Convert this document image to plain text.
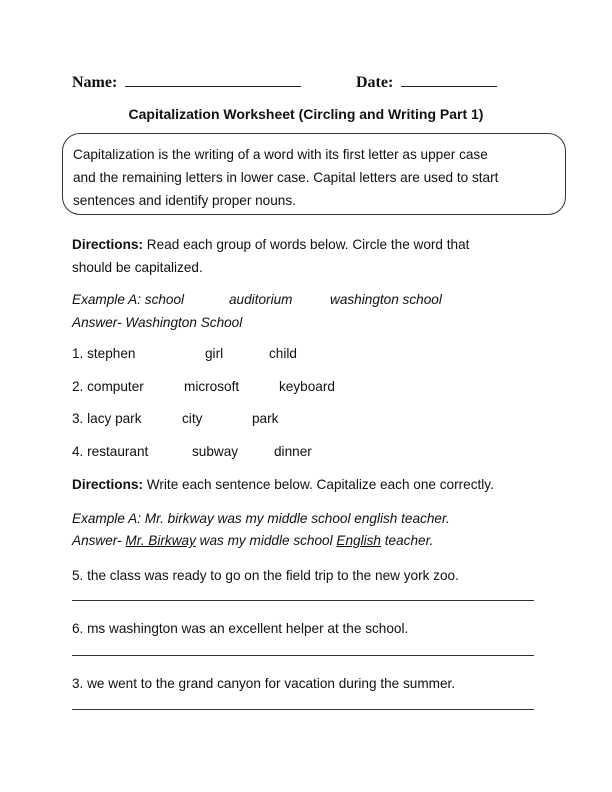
Name:	Date:
Capitalization Worksheet (Circling and Writing Part 1)
Capitalization is the writing of a word with its first letter as upper case
and the remaining letters in lower case. Capital letters are used to start
sentences and identify proper nouns.
Directions: Read each group of words below. Circle the word that
should be capitalized.
Example A: school	auditorium	washington school
Answer- Washington School
1. stephen	girl	child
2. computer	microsoft	keyboard
3. lacy park	city	park
4. restaurant	subway	dinner
Directions: Write each sentence below. Capitalize each one correctly.
Example A: Mr. birkway was my middle school english teacher.
Answer- Mr. Birkway was my middle school English teacher.
5. the class was ready to go on the field trip to the new york zoo.
6. ms washington was an excellent helper at the school.
3. we went to the grand canyon for vacation during the summer.
